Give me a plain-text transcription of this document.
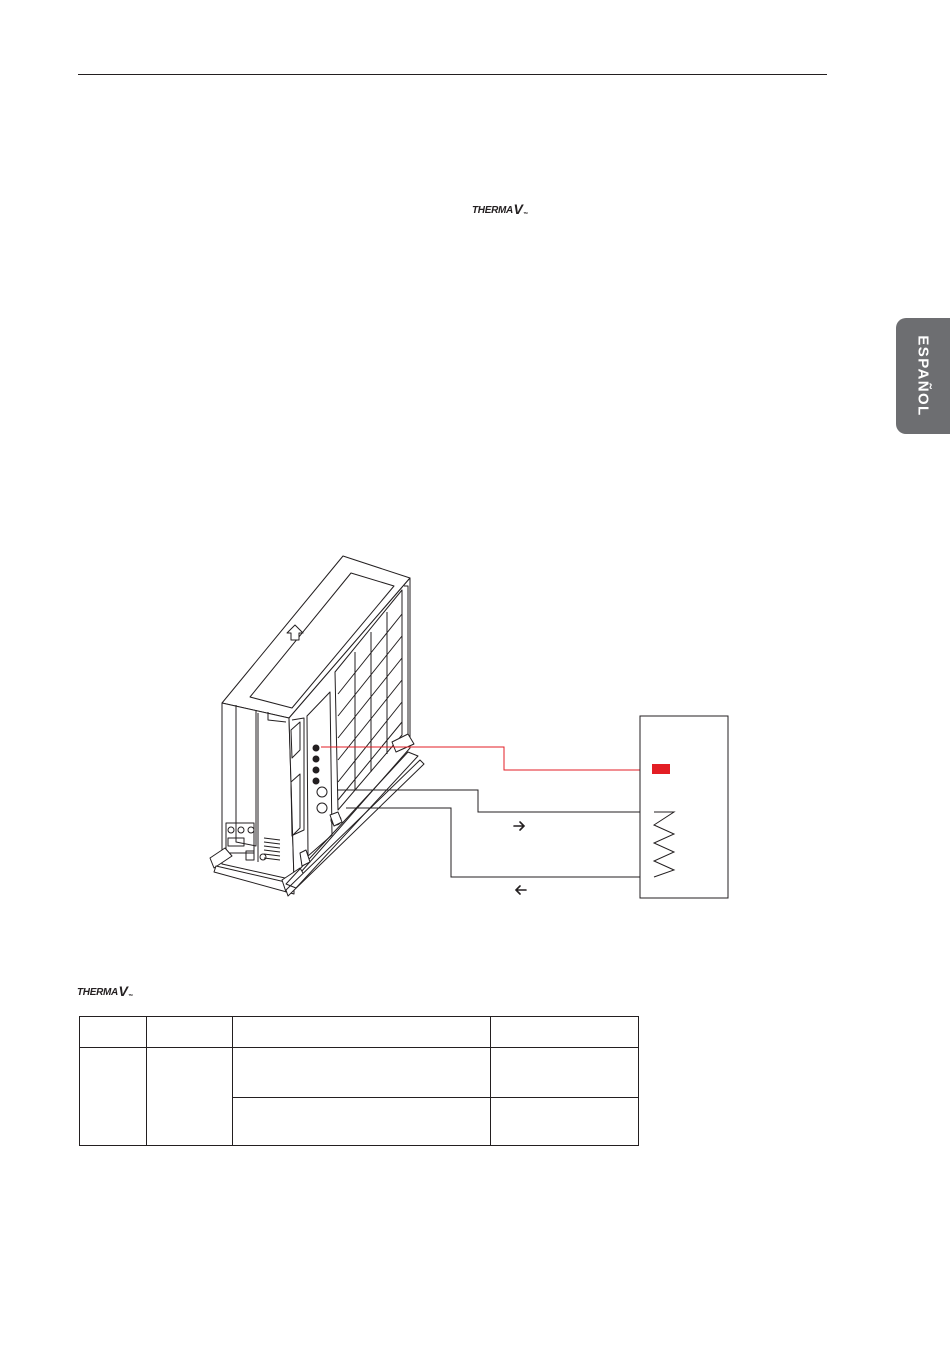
THERMA V TM
ESPAÑOL
THERMA V TM
